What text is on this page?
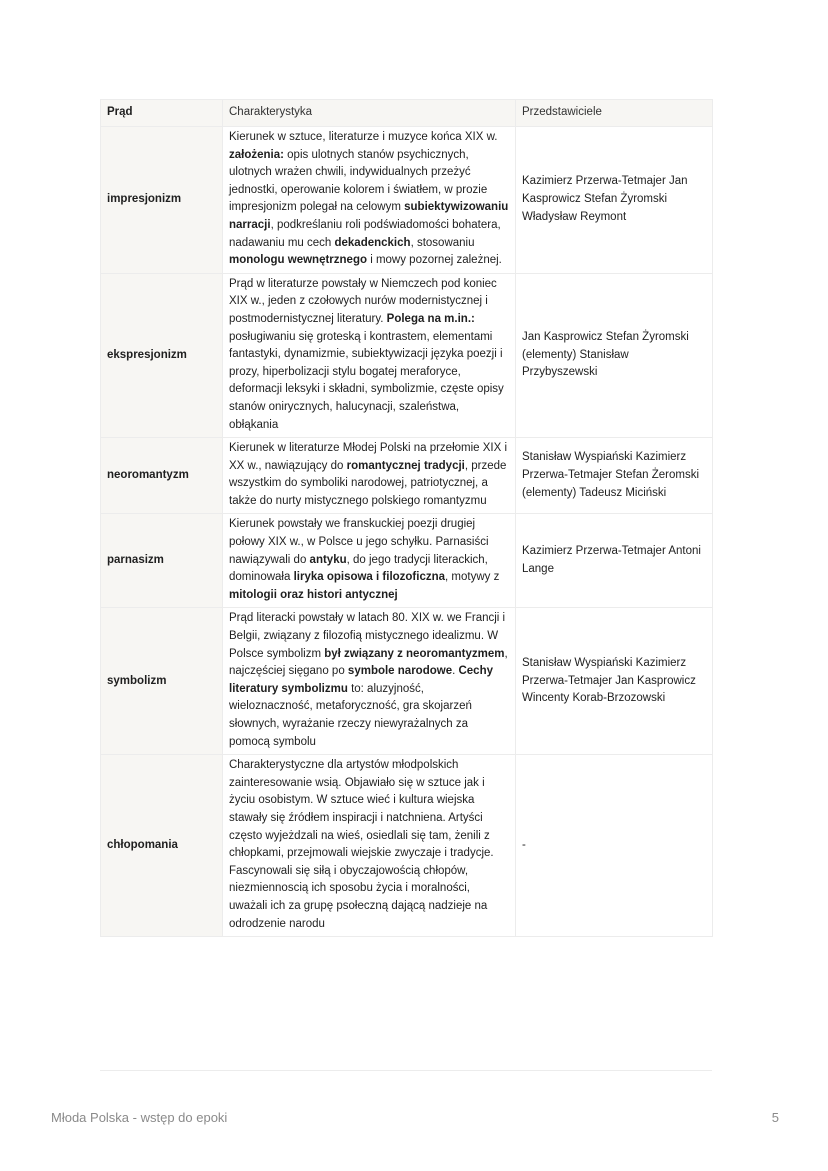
Prąd	Charakterystyka	Przedstawiciele
impresjonizm	Kierunek w sztuce, literaturze i muzyce końca XIX w. założenia: opis ulotnych stanów psychicznych, ulotnych wrażen chwili, indywidualnych przeżyć jednostki, operowanie kolorem i światłem, w prozie impresjonizm polegał na celowym subiektywizowaniu narracji, podkreślaniu roli podświadomości bohatera, nadawaniu mu cech dekadenckich, stosowaniu monologu wewnętrznego i mowy pozornej zależnej.	Kazimierz Przerwa-Tetmajer Jan Kasprowicz Stefan Żyromski Władysław Reymont
ekspresjonizm	Prąd w literaturze powstały w Niemczech pod koniec XIX w., jeden z czołowych nurów modernistycznej i postmodernistycznej literatury. Polega na m.in.: posługiwaniu się groteską i kontrastem, elementami fantastyki, dynamizmie, subiektywizacji języka poezji i prozy, hiperbolizacji stylu bogatej meraforyce, deformacji leksyki i składni, symbolizmie, częste opisy stanów onirycznych, halucynacji, szaleństwa, obłąkania	Jan Kasprowicz Stefan Żyromski (elementy) Stanisław Przybyszewski
neoromantyzm	Kierunek w literaturze Młodej Polski na przełomie XIX i XX w., nawiązujący do romantycznej tradycji, przede wszystkim do symboliki narodowej, patriotycznej, a także do nurty mistycznego polskiego romantyzmu	Stanisław Wyspiański Kazimierz Przerwa-Tetmajer Stefan Żeromski (elementy) Tadeusz Miciński
parnasizm	Kierunek powstały we franskuckiej poezji drugiej połowy XIX w., w Polsce u jego schyłku. Parnasiści nawiązywali do antyku, do jego tradycji literackich, dominowała liryka opisowa i filozoficzna, motywy z mitologii oraz histori antycznej	Kazimierz Przerwa-Tetmajer Antoni Lange
symbolizm	Prąd literacki powstały w latach 80. XIX w. we Francji i Belgii, związany z filozofią mistycznego idealizmu. W Polsce symbolizm był związany z neoromantyzmem, najczęściej sięgano po symbole narodowe. Cechy literatury symbolizmu to: aluzyjność, wieloznaczność, metaforyczność, gra skojarzeń słownych, wyrażanie rzeczy niewyrażalnych za pomocą symbolu	Stanisław Wyspiański Kazimierz Przerwa-Tetmajer Jan Kasprowicz Wincenty Korab-Brzozowski
chłopomania	Charakterystyczne dla artystów młodpolskich zainteresowanie wsią. Objawiało się w sztuce jak i życiu osobistym. W sztuce wieć i kultura wiejska stawały się źródłem inspiracji i natchniena. Artyści często wyjeżdzali na wieś, osiedlali się tam, żenili z chłopkami, przejmowali wiejskie zwyczaje i tradycje. Fascynowali się siłą i obyczajowością chłopów, niezmiennoscią ich sposobu życia i moralności, uważali ich za grupę psołeczną dającą nadzieje na odrodzenie narodu	-
Młoda Polska - wstęp do epoki	5
